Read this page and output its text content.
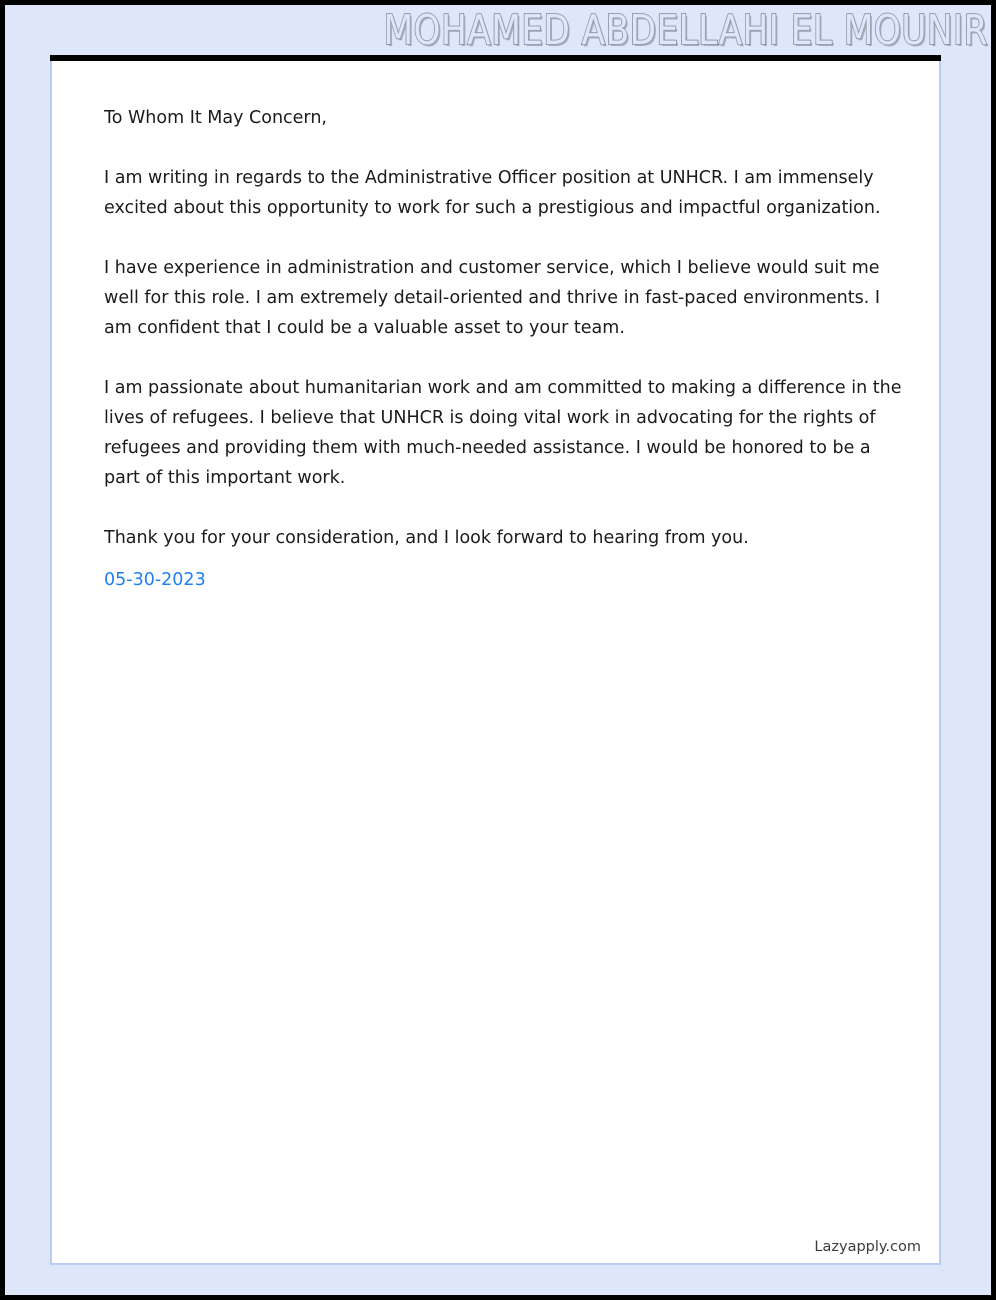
MOHAMED ABDELLAHI EL MOUNIR

To Whom It May Concern,

I am writing in regards to the Administrative Officer position at UNHCR. I am immensely excited about this opportunity to work for such a prestigious and impactful organization.

I have experience in administration and customer service, which I believe would suit me well for this role. I am extremely detail-oriented and thrive in fast-paced environments. I am confident that I could be a valuable asset to your team.

I am passionate about humanitarian work and am committed to making a difference in the lives of refugees. I believe that UNHCR is doing vital work in advocating for the rights of refugees and providing them with much-needed assistance. I would be honored to be a part of this important work.

Thank you for your consideration, and I look forward to hearing from you.

05-30-2023

Lazyapply.com
